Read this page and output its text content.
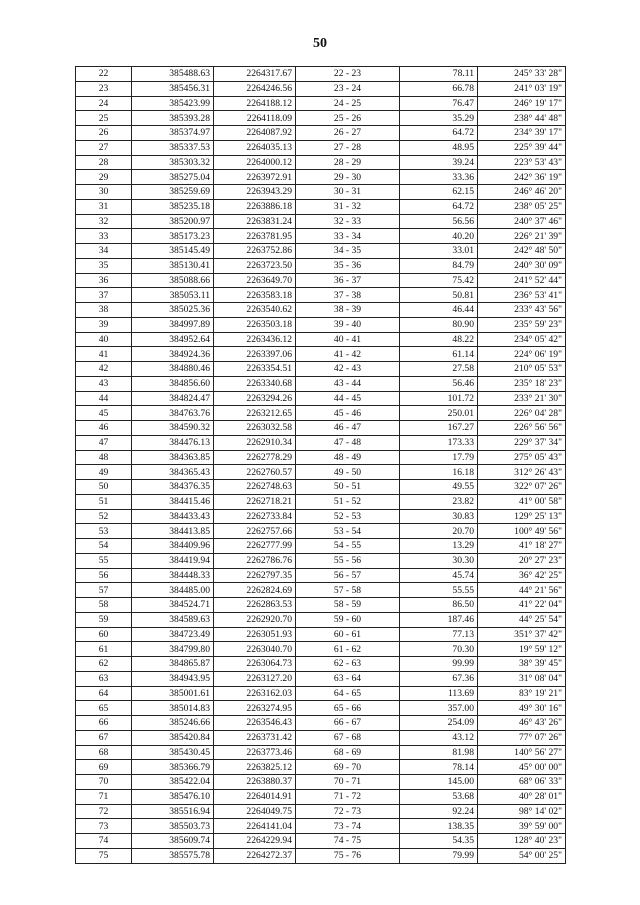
50
22	385488.63	2264317.67	22 - 23	78.11	245° 33' 28"
23	385456.31	2264246.56	23 - 24	66.78	241° 03' 19"
24	385423.99	2264188.12	24 - 25	76.47	246° 19' 17"
25	385393.28	2264118.09	25 - 26	35.29	238° 44' 48"
26	385374.97	2264087.92	26 - 27	64.72	234° 39' 17"
27	385337.53	2264035.13	27 - 28	48.95	225° 39' 44"
28	385303.32	2264000.12	28 - 29	39.24	223° 53' 43"
29	385275.04	2263972.91	29 - 30	33.36	242° 36' 19"
30	385259.69	2263943.29	30 - 31	62.15	246° 46' 20"
31	385235.18	2263886.18	31 - 32	64.72	238° 05' 25"
32	385200.97	2263831.24	32 - 33	56.56	240° 37' 46"
33	385173.23	2263781.95	33 - 34	40.20	226° 21' 39"
34	385145.49	2263752.86	34 - 35	33.01	242° 48' 50"
35	385130.41	2263723.50	35 - 36	84.79	240° 30' 09"
36	385088.66	2263649.70	36 - 37	75.42	241° 52' 44"
37	385053.11	2263583.18	37 - 38	50.81	236° 53' 41"
38	385025.36	2263540.62	38 - 39	46.44	233° 43' 56"
39	384997.89	2263503.18	39 - 40	80.90	235° 59' 23"
40	384952.64	2263436.12	40 - 41	48.22	234° 05' 42"
41	384924.36	2263397.06	41 - 42	61.14	224° 06' 19"
42	384880.46	2263354.51	42 - 43	27.58	210° 05' 53"
43	384856.60	2263340.68	43 - 44	56.46	235° 18' 23"
44	384824.47	2263294.26	44 - 45	101.72	233° 21' 30"
45	384763.76	2263212.65	45 - 46	250.01	226° 04' 28"
46	384590.32	2263032.58	46 - 47	167.27	226° 56' 56"
47	384476.13	2262910.34	47 - 48	173.33	229° 37' 34"
48	384363.85	2262778.29	48 - 49	17.79	275° 05' 43"
49	384365.43	2262760.57	49 - 50	16.18	312° 26' 43"
50	384376.35	2262748.63	50 - 51	49.55	322° 07' 26"
51	384415.46	2262718.21	51 - 52	23.82	41° 00' 58"
52	384433.43	2262733.84	52 - 53	30.83	129° 25' 13"
53	384413.85	2262757.66	53 - 54	20.70	100° 49' 56"
54	384409.96	2262777.99	54 - 55	13.29	41° 18' 27"
55	384419.94	2262786.76	55 - 56	30.30	20° 27' 23"
56	384448.33	2262797.35	56 - 57	45.74	36° 42' 25"
57	384485.00	2262824.69	57 - 58	55.55	44° 21' 56"
58	384524.71	2262863.53	58 - 59	86.50	41° 22' 04"
59	384589.63	2262920.70	59 - 60	187.46	44° 25' 54"
60	384723.49	2263051.93	60 - 61	77.13	351° 37' 42"
61	384799.80	2263040.70	61 - 62	70.30	19° 59' 12"
62	384865.87	2263064.73	62 - 63	99.99	38° 39' 45"
63	384943.95	2263127.20	63 - 64	67.36	31° 08' 04"
64	385001.61	2263162.03	64 - 65	113.69	83° 19' 21"
65	385014.83	2263274.95	65 - 66	357.00	49° 30' 16"
66	385246.66	2263546.43	66 - 67	254.09	46° 43' 26"
67	385420.84	2263731.42	67 - 68	43.12	77° 07' 26"
68	385430.45	2263773.46	68 - 69	81.98	140° 56' 27"
69	385366.79	2263825.12	69 - 70	78.14	45° 00' 00"
70	385422.04	2263880.37	70 - 71	145.00	68° 06' 33"
71	385476.10	2264014.91	71 - 72	53.68	40° 28' 01"
72	385516.94	2264049.75	72 - 73	92.24	98° 14' 02"
73	385503.73	2264141.04	73 - 74	138.35	39° 59' 00"
74	385609.74	2264229.94	74 - 75	54.35	128° 40' 23"
75	385575.78	2264272.37	75 - 76	79.99	54° 00' 25"
